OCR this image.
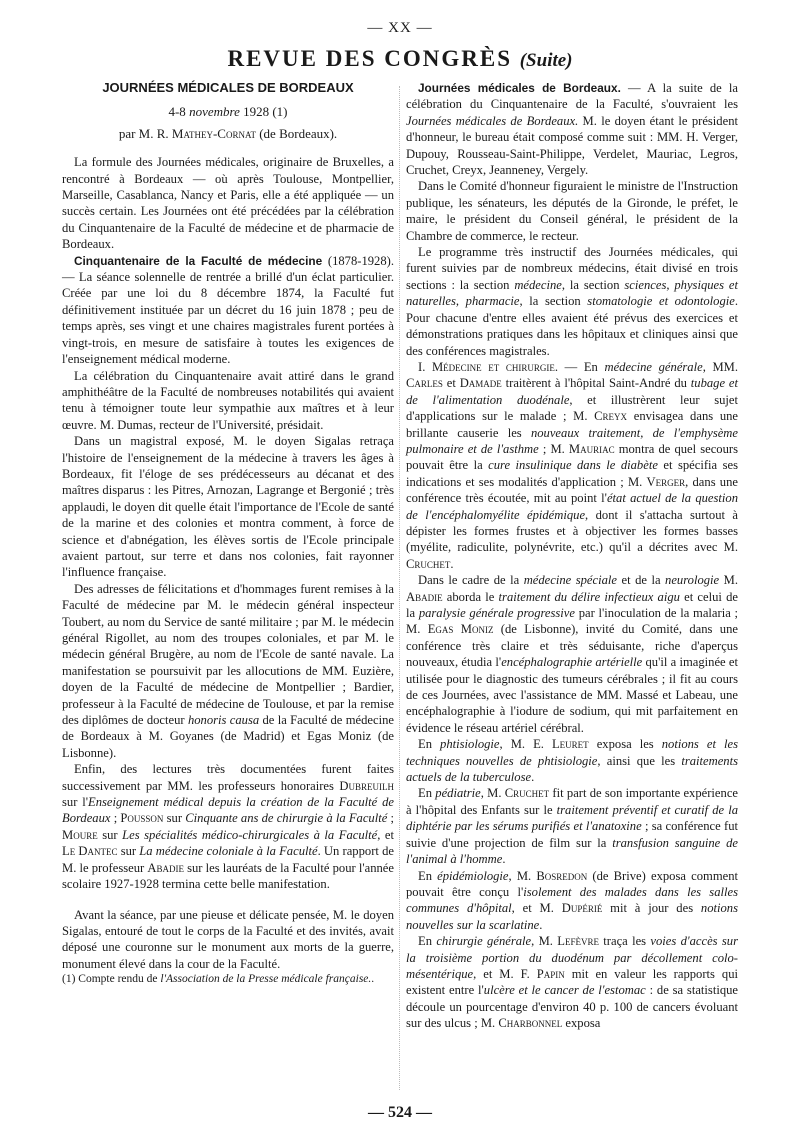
— XX —
REVUE DES CONGRÈS (Suite)
JOURNÉES MÉDICALES DE BORDEAUX
4-8 novembre 1928 (1)
par M. R. Mathey-Cornat (de Bordeaux).

La formule des Journées médicales, originaire de Bruxelles, a rencontré à Bordeaux — où après Toulouse, Montpellier, Marseille, Casablanca, Nancy et Paris, elle a été appliquée — un succès certain. Les Journées ont été précédées par la célébration du Cinquantenaire de la Faculté de médecine et de pharmacie de Bordeaux.

Cinquantenaire de la Faculté de médecine (1878-1928). — La séance solennelle de rentrée a brillé d'un éclat particulier. Créée par une loi du 8 décembre 1874, la Faculté fut définitivement instituée par un décret du 16 juin 1878 ; peu de temps après, ses vingt et une chaires magistrales furent portées à vingt-trois, en mesure de satisfaire à toutes les exigences de l'enseignement médical moderne.

La célébration du Cinquantenaire avait attiré dans le grand amphithéâtre de la Faculté de nombreuses notabilités qui avaient tenu à témoigner toute leur sympathie aux maîtres et à leur œuvre. M. Dumas, recteur de l'Université, présidait.

Dans un magistral exposé, M. le doyen Sigalas retraça l'histoire de l'enseignement de la médecine à travers les âges à Bordeaux, fit l'éloge de ses prédécesseurs au décanat et des maîtres disparus : les Pitres, Arnozan, Lagrange et Bergonié ; très applaudi, le doyen dit quelle était l'importance de l'Ecole de santé de la marine et des colonies et montra comment, à force de science et d'abnégation, les élèves sortis de l'Ecole principale avaient partout, sur terre et dans nos colonies, fait rayonner l'influence française.

Des adresses de félicitations et d'hommages furent remises à la Faculté de médecine par M. le médecin général inspecteur Toubert, au nom du Service de santé militaire ; par M. le médecin général Rigollet, au nom des troupes coloniales, et par M. le médecin général Brugère, au nom de l'Ecole de santé navale. La manifestation se poursuivit par les allocutions de MM. Euzière, doyen de la Faculté de médecine de Montpellier ; Bardier, professeur à la Faculté de médecine de Toulouse, et par la remise des diplômes de docteur honoris causa de la Faculté de médecine de Bordeaux à M. Goyanes (de Madrid) et Egas Moniz (de Lisbonne).

Enfin, des lectures très documentées furent faites successivement par MM. les professeurs honoraires Dubreuilh sur l'Enseignement médical depuis la création de la Faculté de Bordeaux ; Pousson sur Cinquante ans de chirurgie à la Faculté ; Moure sur Les spécialités médico-chirurgicales à la Faculté, et Le Dantec sur La médecine coloniale à la Faculté. Un rapport de M. le professeur Abadie sur les lauréats de la Faculté pour l'année scolaire 1927-1928 termina cette belle manifestation.

Avant la séance, par une pieuse et délicate pensée, M. le doyen Sigalas, entouré de tout le corps de la Faculté et des invités, avait déposé une couronne sur le monument aux morts de la guerre, monument élevé dans la cour de la Faculté.

(1) Compte rendu de l'Association de la Presse médicale française..

Journées médicales de Bordeaux. — A la suite de la célébration du Cinquantenaire de la Faculté, s'ouvraient les Journées médicales de Bordeaux. M. le doyen étant le président d'honneur, le bureau était composé comme suit : MM. H. Verger, Dupouy, Rousseau-Saint-Philippe, Verdelet, Mauriac, Legros, Cruchet, Creyx, Jeanneney, Vergely.

Dans le Comité d'honneur figuraient le ministre de l'Instruction publique, les sénateurs, les députés de la Gironde, le préfet, le maire, le président du Conseil général, le président de la Chambre de commerce, le recteur.

Le programme très instructif des Journées médicales, qui furent suivies par de nombreux médecins, était divisé en trois sections : la section médecine, la section sciences, physiques et naturelles, pharmacie, la section stomatologie et odontologie. Pour chacune d'entre elles avaient été prévus des exercices et démonstrations pratiques dans les hôpitaux et cliniques ainsi que des conférences magistrales.

I. Médecine et chirurgie. — En médecine générale, MM. Carles et Damade traitèrent à l'hôpital Saint-André du tubage et de l'alimentation duodénale, et illustrèrent leur sujet d'applications sur le malade ; M. Creyx envisagea dans une brillante causerie les nouveaux traitement, de l'emphysème pulmonaire et de l'asthme ; M. Mauriac montra de quel secours pouvait être la cure insulinique dans le diabète et spécifia ses indications et ses modalités d'application ; M. Verger, dans une conférence très écoutée, mit au point l'état actuel de la question de l'encéphalomyélite épidémique, dont il s'attacha surtout à dépister les formes frustes et à objectiver les formes basses (myélite, radiculite, polynévrite, etc.) qu'il a décrites avec M. Cruchet.

Dans le cadre de la médecine spéciale et de la neurologie M. Abadie aborda le traitement du délire infectieux aigu et celui de la paralysie générale progressive par l'inoculation de la malaria ; M. Egas Moniz (de Lisbonne), invité du Comité, dans une conférence très claire et très séduisante, riche d'aperçus nouveaux, étudia l'encéphalographie artérielle qu'il a imaginée et utilisée pour le diagnostic des tumeurs cérébrales ; il fit au cours de ces Journées, avec l'assistance de MM. Massé et Labeau, une encéphalographie à l'iodure de sodium, qui mit parfaitement en évidence le réseau artériel cérébral.

En phtisiologie, M. E. Leuret exposa les notions et les techniques nouvelles de phtisiologie, ainsi que les traitements actuels de la tuberculose.

En pédiatrie, M. Cruchet fit part de son importante expérience à l'hôpital des Enfants sur le traitement préventif et curatif de la diphtérie par les sérums purifiés et l'anatoxine ; sa conférence fut suivie d'une projection de film sur la transfusion sanguine de l'animal à l'homme.

En épidémiologie, M. Bosredon (de Brive) exposa comment pouvait être conçu l'isolement des malades dans les salles communes d'hôpital, et M. Dupérié mit à jour des notions nouvelles sur la scarlatine.

En chirurgie générale, M. Lefèvre traça les voies d'accès sur la troisième portion du duodénum par décollement colo-mésentérique, et M. F. Papin mit en valeur les rapports qui existent entre l'ulcère et le cancer de l'estomac : de sa statistique découle un pourcentage d'environ 40 p. 100 de cancers évoluant sur des ulcus ; M. Charbonnel exposa

— 524 —
